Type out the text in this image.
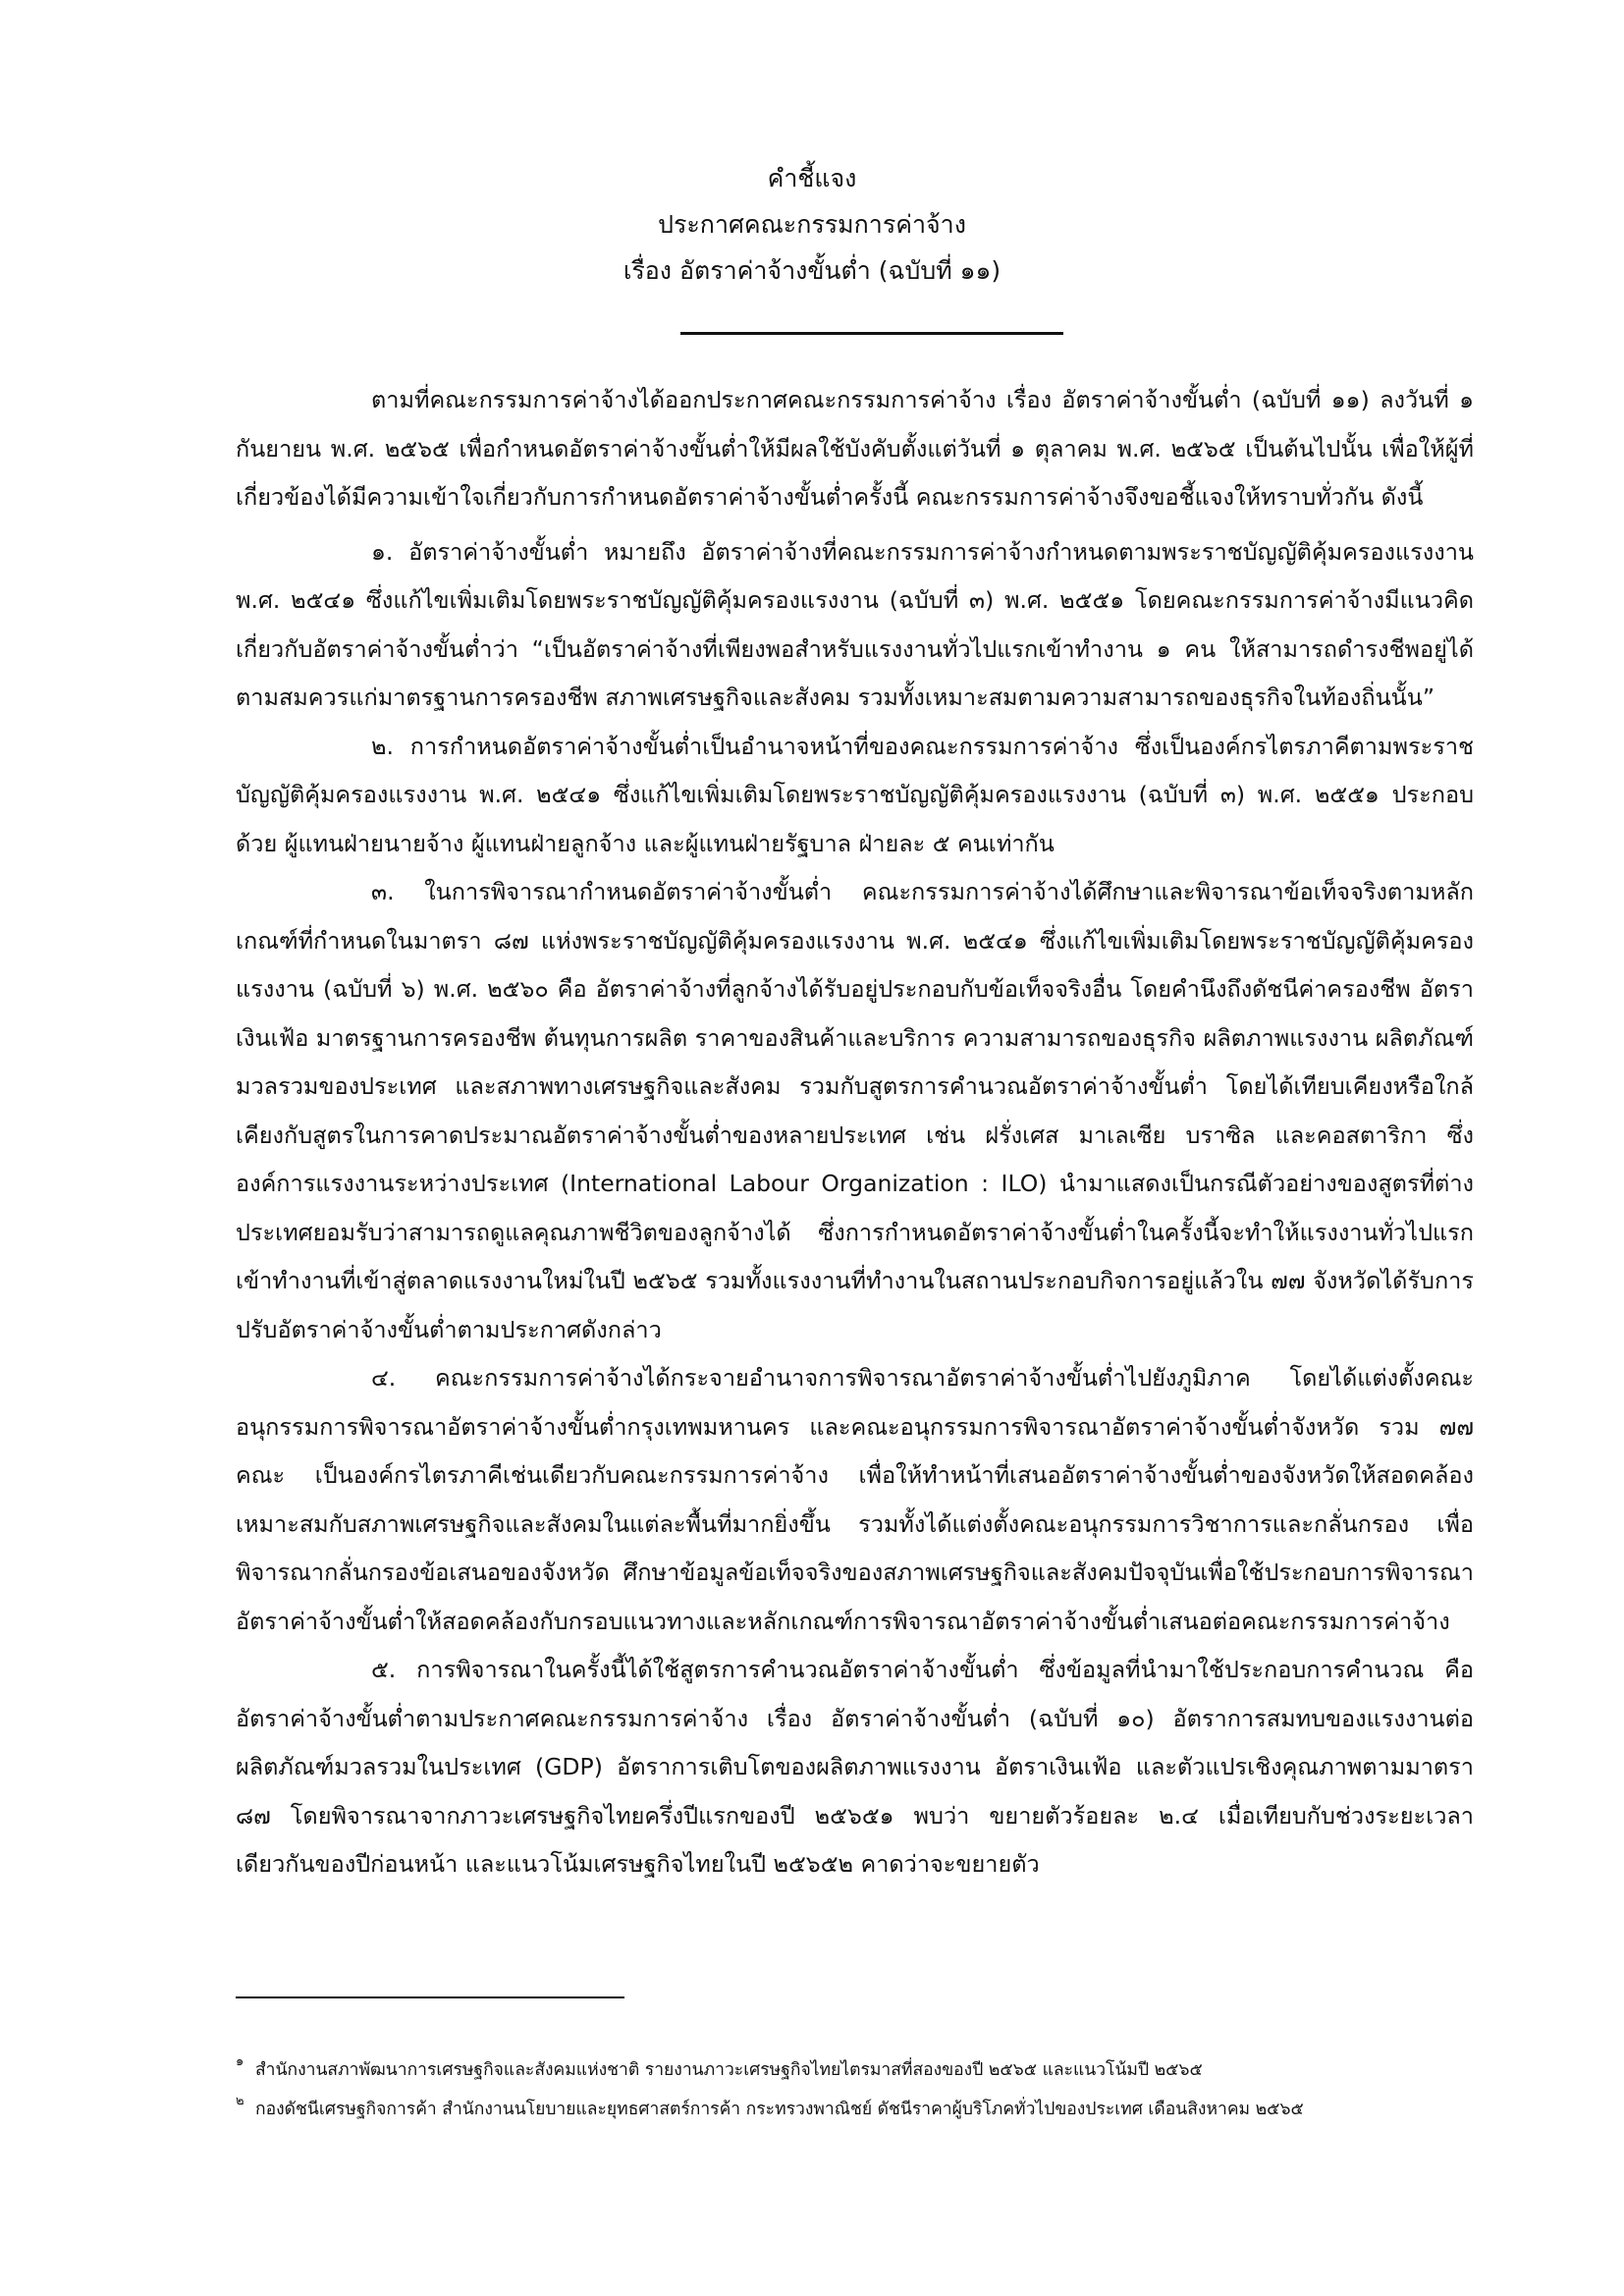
คำชี้แจง
ประกาศคณะกรรมการค่าจ้าง
เรื่อง อัตราค่าจ้างขั้นต่ำ (ฉบับที่ ๑๑)

ตามที่คณะกรรมการค่าจ้างได้ออกประกาศคณะกรรมการค่าจ้าง เรื่อง อัตราค่าจ้างขั้นต่ำ (ฉบับที่ ๑๑) ลงวันที่ ๑ กันยายน พ.ศ. ๒๕๖๕ เพื่อกำหนดอัตราค่าจ้างขั้นต่ำให้มีผลใช้บังคับตั้งแต่วันที่ ๑ ตุลาคม พ.ศ. ๒๕๖๕ เป็นต้นไปนั้น เพื่อให้ผู้ที่เกี่ยวข้องได้มีความเข้าใจเกี่ยวกับการกำหนดอัตราค่าจ้างขั้นต่ำครั้งนี้ คณะกรรมการค่าจ้างจึงขอชี้แจงให้ทราบทั่วกัน ดังนี้

๑. อัตราค่าจ้างขั้นต่ำ หมายถึง อัตราค่าจ้างที่คณะกรรมการค่าจ้างกำหนดตามพระราชบัญญัติคุ้มครองแรงงาน พ.ศ. ๒๕๔๑ ซึ่งแก้ไขเพิ่มเติมโดยพระราชบัญญัติคุ้มครองแรงงาน (ฉบับที่ ๓) พ.ศ. ๒๕๕๑ โดยคณะกรรมการค่าจ้างมีแนวคิดเกี่ยวกับอัตราค่าจ้างขั้นต่ำว่า “เป็นอัตราค่าจ้างที่เพียงพอสำหรับแรงงานทั่วไปแรกเข้าทำงาน ๑ คน ให้สามารถดำรงชีพอยู่ได้ตามสมควรแก่มาตรฐานการครองชีพ สภาพเศรษฐกิจและสังคม รวมทั้งเหมาะสมตามความสามารถของธุรกิจในท้องถิ่นนั้น”

๒. การกำหนดอัตราค่าจ้างขั้นต่ำเป็นอำนาจหน้าที่ของคณะกรรมการค่าจ้าง ซึ่งเป็นองค์กรไตรภาคีตามพระราชบัญญัติคุ้มครองแรงงาน พ.ศ. ๒๕๔๑ ซึ่งแก้ไขเพิ่มเติมโดยพระราชบัญญัติคุ้มครองแรงงาน (ฉบับที่ ๓) พ.ศ. ๒๕๕๑ ประกอบด้วย ผู้แทนฝ่ายนายจ้าง ผู้แทนฝ่ายลูกจ้าง และผู้แทนฝ่ายรัฐบาล ฝ่ายละ ๕ คนเท่ากัน

๓. ในการพิจารณากำหนดอัตราค่าจ้างขั้นต่ำ คณะกรรมการค่าจ้างได้ศึกษาและพิจารณาข้อเท็จจริงตามหลักเกณฑ์ที่กำหนดในมาตรา ๘๗ แห่งพระราชบัญญัติคุ้มครองแรงงาน พ.ศ. ๒๕๔๑ ซึ่งแก้ไขเพิ่มเติมโดยพระราชบัญญัติคุ้มครองแรงงาน (ฉบับที่ ๖) พ.ศ. ๒๕๖๐ คือ อัตราค่าจ้างที่ลูกจ้างได้รับอยู่ประกอบกับข้อเท็จจริงอื่น โดยคำนึงถึงดัชนีค่าครองชีพ อัตราเงินเฟ้อ มาตรฐานการครองชีพ ต้นทุนการผลิต ราคาของสินค้าและบริการ ความสามารถของธุรกิจ ผลิตภาพแรงงาน ผลิตภัณฑ์มวลรวมของประเทศ และสภาพทางเศรษฐกิจและสังคม รวมกับสูตรการคำนวณอัตราค่าจ้างขั้นต่ำ โดยได้เทียบเคียงหรือใกล้เคียงกับสูตรในการคาดประมาณอัตราค่าจ้างขั้นต่ำของหลายประเทศ เช่น ฝรั่งเศส มาเลเซีย บราซิล และคอสตาริกา ซึ่งองค์การแรงงานระหว่างประเทศ (International Labour Organization : ILO) นำมาแสดงเป็นกรณีตัวอย่างของสูตรที่ต่างประเทศยอมรับว่าสามารถดูแลคุณภาพชีวิตของลูกจ้างได้ ซึ่งการกำหนดอัตราค่าจ้างขั้นต่ำในครั้งนี้จะทำให้แรงงานทั่วไปแรกเข้าทำงานที่เข้าสู่ตลาดแรงงานใหม่ในปี ๒๕๖๕ รวมทั้งแรงงานที่ทำงานในสถานประกอบกิจการอยู่แล้วใน ๗๗ จังหวัดได้รับการปรับอัตราค่าจ้างขั้นต่ำตามประกาศดังกล่าว

๔. คณะกรรมการค่าจ้างได้กระจายอำนาจการพิจารณาอัตราค่าจ้างขั้นต่ำไปยังภูมิภาค โดยได้แต่งตั้งคณะอนุกรรมการพิจารณาอัตราค่าจ้างขั้นต่ำกรุงเทพมหานคร และคณะอนุกรรมการพิจารณาอัตราค่าจ้างขั้นต่ำจังหวัด รวม ๗๗ คณะ เป็นองค์กรไตรภาคีเช่นเดียวกับคณะกรรมการค่าจ้าง เพื่อให้ทำหน้าที่เสนออัตราค่าจ้างขั้นต่ำของจังหวัดให้สอดคล้องเหมาะสมกับสภาพเศรษฐกิจและสังคมในแต่ละพื้นที่มากยิ่งขึ้น รวมทั้งได้แต่งตั้งคณะอนุกรรมการวิชาการและกลั่นกรอง เพื่อพิจารณากลั่นกรองข้อเสนอของจังหวัด ศึกษาข้อมูลข้อเท็จจริงของสภาพเศรษฐกิจและสังคมปัจจุบันเพื่อใช้ประกอบการพิจารณาอัตราค่าจ้างขั้นต่ำให้สอดคล้องกับกรอบแนวทางและหลักเกณฑ์การพิจารณาอัตราค่าจ้างขั้นต่ำเสนอต่อคณะกรรมการค่าจ้าง

๕. การพิจารณาในครั้งนี้ได้ใช้สูตรการคำนวณอัตราค่าจ้างขั้นต่ำ ซึ่งข้อมูลที่นำมาใช้ประกอบการคำนวณ คือ อัตราค่าจ้างขั้นต่ำตามประกาศคณะกรรมการค่าจ้าง เรื่อง อัตราค่าจ้างขั้นต่ำ (ฉบับที่ ๑๐) อัตราการสมทบของแรงงานต่อผลิตภัณฑ์มวลรวมในประเทศ (GDP) อัตราการเติบโตของผลิตภาพแรงงาน อัตราเงินเฟ้อ และตัวแปรเชิงคุณภาพตามมาตรา ๘๗ โดยพิจารณาจากภาวะเศรษฐกิจไทยครึ่งปีแรกของปี ๒๕๖๕๑ พบว่า ขยายตัวร้อยละ ๒.๔ เมื่อเทียบกับช่วงระยะเวลาเดียวกันของปีก่อนหน้า และแนวโน้มเศรษฐกิจไทยในปี ๒๕๖๕๒ คาดว่าจะขยายตัว

๑ สำนักงานสภาพัฒนาการเศรษฐกิจและสังคมแห่งชาติ รายงานภาวะเศรษฐกิจไทยไตรมาสที่สองของปี ๒๕๖๕ และแนวโน้มปี ๒๕๖๕
๒ กองดัชนีเศรษฐกิจการค้า สำนักงานนโยบายและยุทธศาสตร์การค้า กระทรวงพาณิชย์ ดัชนีราคาผู้บริโภคทั่วไปของประเทศ เดือนสิงหาคม ๒๕๖๕
